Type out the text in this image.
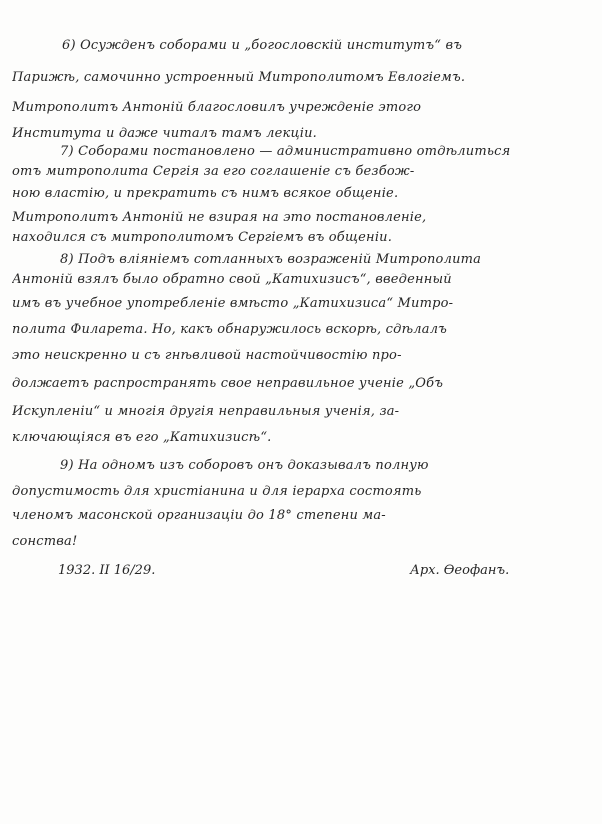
6) Осужденъ соборами и „богословскій институтъ“ въ
Парижѣ, самочинно устроенный Митрополитомъ Евлогіемъ.
Митрополитъ Антоній благословилъ учрежденіе этого
Института и даже читалъ тамъ лекціи.
7) Соборами постановлено — административно отдѣлиться
отъ митрополита Сергія за его соглашеніе съ безбож-
ною властію, и прекратить съ нимъ всякое общеніе.
Митрополитъ Антоній не взирая на это постановленіе,
находился съ митрополитомъ Сергіемъ въ общеніи.
8) Подъ вліяніемъ сотланныхъ возраженій Митрополита
Антоній взялъ было обратно свой „Катихизисъ“, введенный
имъ въ учебное употребленіе вмѣсто „Катихизиса“ Митро-
полита Филарета. Но, какъ обнаружилось вскорѣ, сдѣлалъ
это неискренно и съ гнѣвливой настойчивостію про-
должаетъ распространять свое неправильное ученіе „Объ
Искупленіи“ и многія другія неправильныя ученія, за-
ключающіяся въ его „Катихизисѣ“.
9) На одномъ изъ соборовъ онъ доказывалъ полную
допустимость для христіанина и для іерарха состоять
членомъ масонской организаціи до 18° степени ма-
сонства!
1932. II 16/29.	Арх. Ѳеофанъ.
